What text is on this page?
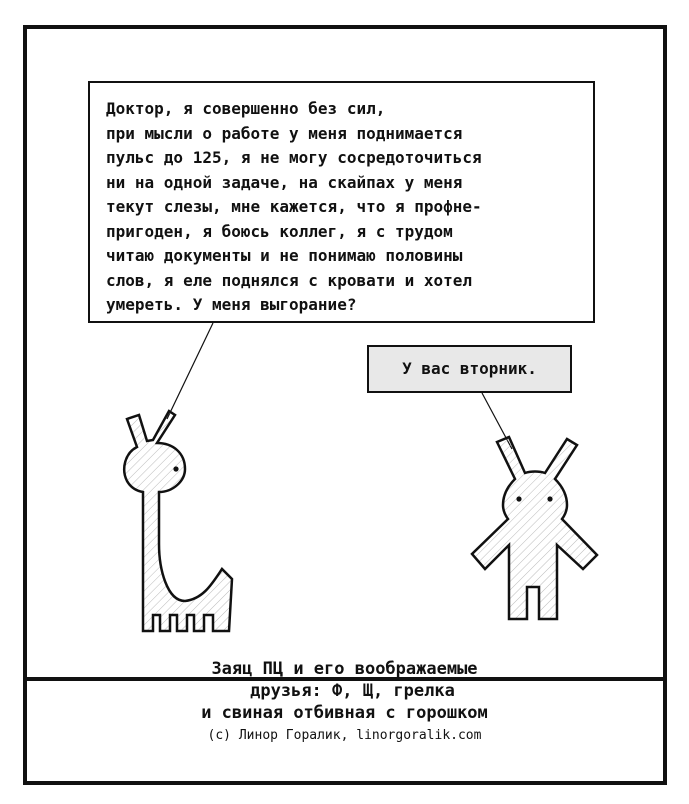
Доктор, я совершенно без сил,
при мысли о работе у меня поднимается
пульс до 125, я не могу сосредоточиться
ни на одной задаче, на скайпах у меня
текут слезы, мне кажется, что я профне-
пригоден, я боюсь коллег, я с трудом
читаю документы и не понимаю половины
слов, я еле поднялся с кровати и хотел
умереть. У меня выгорание?
У вас вторник.
Заяц ПЦ и его воображаемые
друзья: Ф, Щ, грелка
и свиная отбивная с горошком
(c) Линор Горалик, linorgoralik.com
